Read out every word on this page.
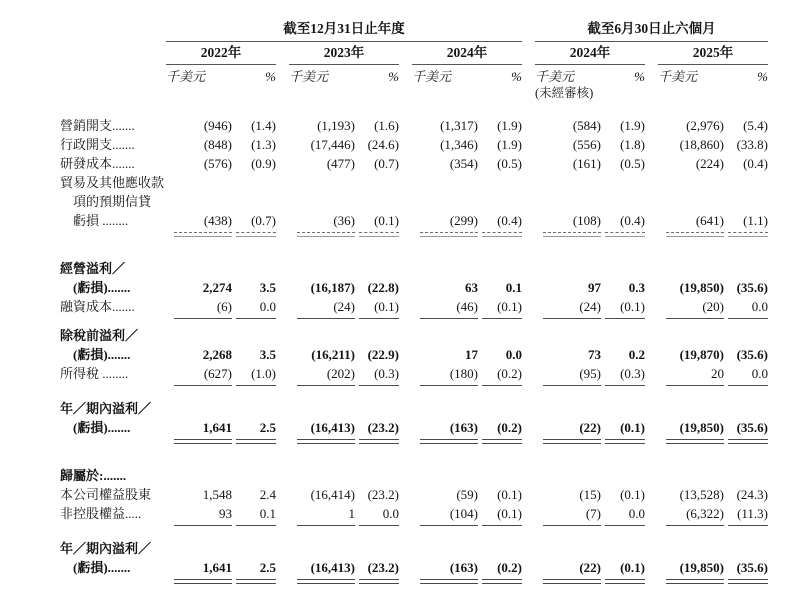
截至12月31日止年度	截至6月30日止六個月
2022年	2023年	2024年	2024年	2025年
千美元	% 千美元	% 千美元	% 千美元	% 千美元	%
(未經審核)
營銷開支.......	(946)	(1.4)	(1,193)	(1.6)	(1,317)	(1.9)	(584)	(1.9)	(2,976)	(5.4)
行政開支.......	(848)	(1.3)	(17,446) (24.6)	(1,346)	(1.9)	(556)	(1.8)	(18,860) (33.8)
研發成本.......	(576)	(0.9)	(477)	(0.7)	(354)	(0.5)	(161)	(0.5)	(224)	(0.4)
貿易及其他應收款
　項的預期信貸
　虧損 ........	(438)	(0.7)	(36)	(0.1)	(299)	(0.4)	(108)	(0.4)	(641)	(1.1)
經營溢利／
　(虧損).......	2,274	3.5	(16,187) (22.8)	63	0.1	97	0.3	(19,850) (35.6)
融資成本.......	(6)	0.0	(24)	(0.1)	(46)	(0.1)	(24)	(0.1)	(20)	0.0
除稅前溢利／
　(虧損).......	2,268	3.5	(16,211) (22.9)	17	0.0	73	0.2	(19,870) (35.6)
所得稅 ........	(627)	(1.0)	(202)	(0.3)	(180)	(0.2)	(95)	(0.3)	20	0.0
年／期內溢利／
　(虧損).......	1,641	2.5	(16,413) (23.2)	(163)	(0.2)	(22)	(0.1)	(19,850) (35.6)
歸屬於:.......
本公司權益股東	1,548	2.4	(16,414) (23.2)	(59)	(0.1)	(15)	(0.1)	(13,528) (24.3)
非控股權益.....	93	0.1	1	0.0	(104)	(0.1)	(7)	0.0	(6,322)	(11.3)
年／期內溢利／
　(虧損).......	1,641	2.5	(16,413) (23.2)	(163)	(0.2)	(22)	(0.1)	(19,850) (35.6)
